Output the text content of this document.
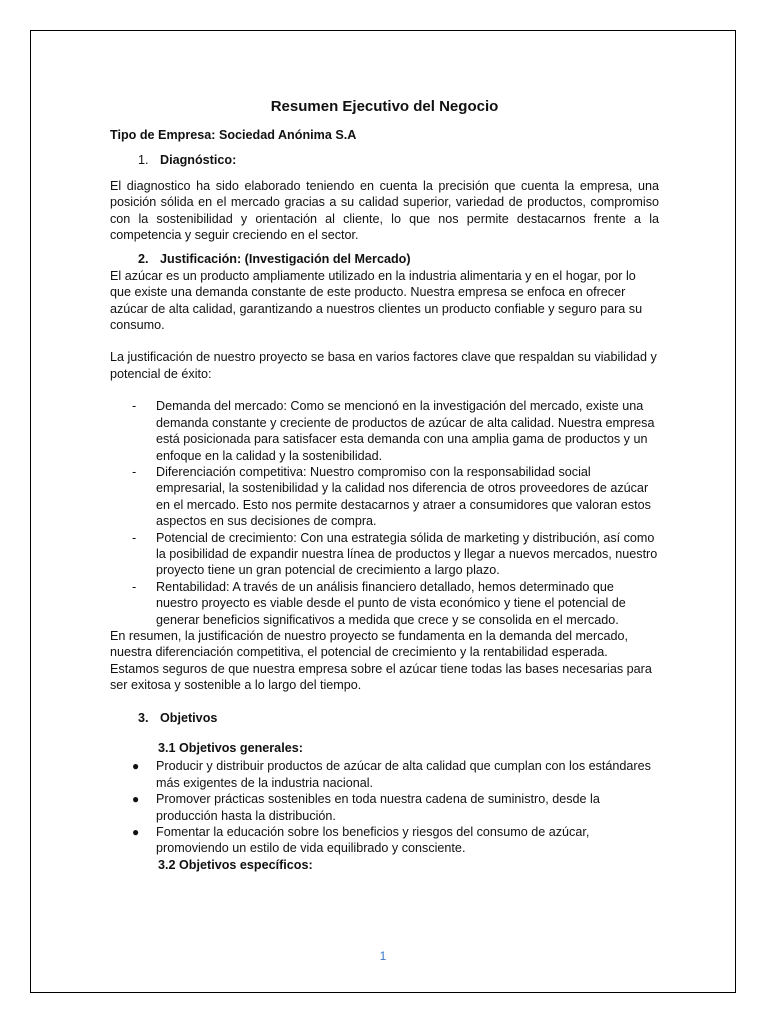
Resumen Ejecutivo del Negocio
Tipo de Empresa: Sociedad Anónima S.A
1. Diagnóstico:

El diagnostico ha sido elaborado teniendo en cuenta la precisión que cuenta la empresa, una posición sólida en el mercado gracias a su calidad superior, variedad de productos, compromiso con la sostenibilidad y orientación al cliente, lo que nos permite destacarnos frente a la competencia y seguir creciendo en el sector.

2. Justificación: (Investigación del Mercado)

El azúcar es un producto ampliamente utilizado en la industria alimentaria y en el hogar, por lo que existe una demanda constante de este producto. Nuestra empresa se enfoca en ofrecer azúcar de alta calidad, garantizando a nuestros clientes un producto confiable y seguro para su consumo.

La justificación de nuestro proyecto se basa en varios factores clave que respaldan su viabilidad y potencial de éxito:

- Demanda del mercado: Como se mencionó en la investigación del mercado, existe una demanda constante y creciente de productos de azúcar de alta calidad. Nuestra empresa está posicionada para satisfacer esta demanda con una amplia gama de productos y un enfoque en la calidad y la sostenibilidad.
- Diferenciación competitiva: Nuestro compromiso con la responsabilidad social empresarial, la sostenibilidad y la calidad nos diferencia de otros proveedores de azúcar en el mercado. Esto nos permite destacarnos y atraer a consumidores que valoran estos aspectos en sus decisiones de compra.
- Potencial de crecimiento: Con una estrategia sólida de marketing y distribución, así como la posibilidad de expandir nuestra línea de productos y llegar a nuevos mercados, nuestro proyecto tiene un gran potencial de crecimiento a largo plazo.
- Rentabilidad: A través de un análisis financiero detallado, hemos determinado que nuestro proyecto es viable desde el punto de vista económico y tiene el potencial de generar beneficios significativos a medida que crece y se consolida en el mercado.

En resumen, la justificación de nuestro proyecto se fundamenta en la demanda del mercado, nuestra diferenciación competitiva, el potencial de crecimiento y la rentabilidad esperada. Estamos seguros de que nuestra empresa sobre el azúcar tiene todas las bases necesarias para ser exitosa y sostenible a lo largo del tiempo.

3. Objetivos
3.1 Objetivos generales:
● Producir y distribuir productos de azúcar de alta calidad que cumplan con los estándares más exigentes de la industria nacional.
● Promover prácticas sostenibles en toda nuestra cadena de suministro, desde la producción hasta la distribución.
● Fomentar la educación sobre los beneficios y riesgos del consumo de azúcar, promoviendo un estilo de vida equilibrado y consciente.
3.2 Objetivos específicos:
1
